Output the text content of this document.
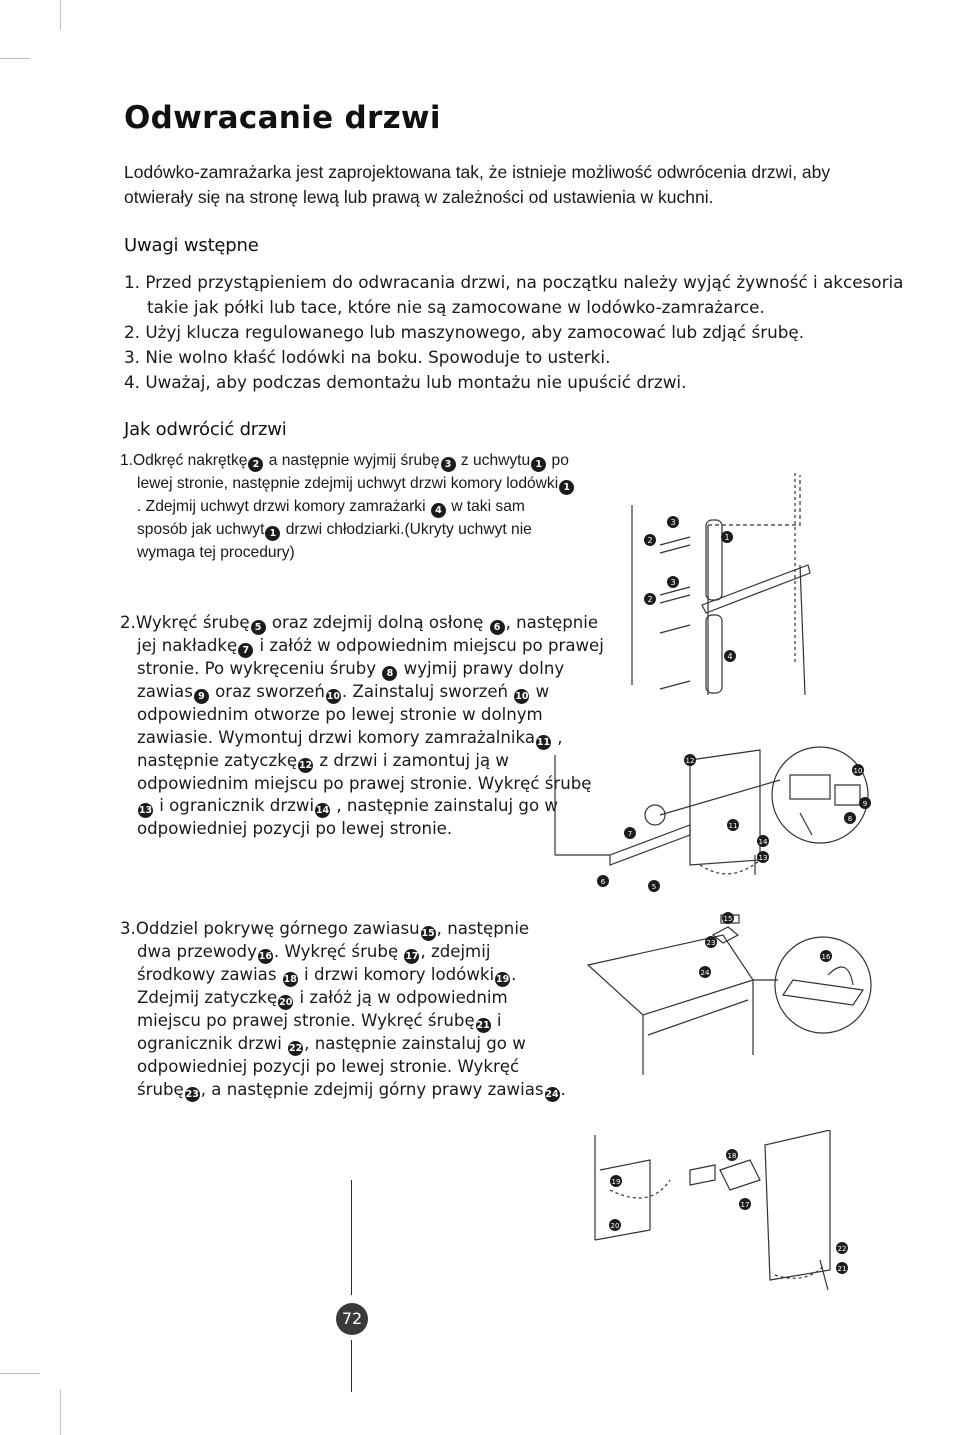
Odwracanie drzwi

Lodówko-zamrażarka jest zaprojektowana tak, że istnieje możliwość odwrócenia drzwi, aby otwierały się na stronę lewą lub prawą w zależności od ustawienia w kuchni.

Uwagi wstępne
1. Przed przystąpieniem do odwracania drzwi, na początku należy wyjąć żywność i akcesoria takie jak półki lub tace, które nie są zamocowane w lodówko-zamrażarce.
2. Użyj klucza regulowanego lub maszynowego, aby zamocować lub zdjąć śrubę.
3. Nie wolno kłaść lodówki na boku. Spowoduje to usterki.
4. Uważaj, aby podczas demontażu lub montażu nie upuścić drzwi.
Jak odwrócić drzwi

1.Odkręć nakrętkę 2 a następnie wyjmij śrubę 3 z uchwytu 1 po lewej stronie, następnie zdejmij uchwyt drzwi komory lodówki 1. Zdejmij uchwyt drzwi komory zamrażarki 4 w taki sam sposób jak uchwyt 1 drzwi chłodziarki.(Ukryty uchwyt nie wymaga tej procedury)

2.Wykręć śrubę 5 oraz zdejmij dolną osłonę 6 , następnie jej nakładkę 7 i załóż w odpowiednim miejscu po prawej stronie. Po wykręceniu śruby 8 wyjmij prawy dolny zawias 9 oraz sworzeń 10 . Zainstaluj sworzeń 10 w odpowiednim otworze po lewej stronie w dolnym zawiasie. Wymontuj drzwi komory zamrażalnika 11 , następnie zatyczkę 12 z drzwi i zamontuj ją w odpowiednim miejscu po prawej stronie. Wykręć śrubę 13 i ogranicznik drzwi 14 , następnie zainstaluj go w odpowiedniej pozycji po lewej stronie.

3.Oddziel pokrywę górnego zawiasu 15 , następnie dwa przewody 16 . Wykręć śrubę 17 , zdejmij środkowy zawias 18 i drzwi komory lodówki 19 . Zdejmij zatyczkę 20 i załóż ją w odpowiednim miejscu po prawej stronie. Wykręć śrubę 21 i ogranicznik drzwi 22 , następnie zainstaluj go w odpowiedniej pozycji po lewej stronie. Wykręć śrubę 23 , a następnie zdejmij górny prawy zawias 24 .

3
2	1
3
2
4
12
7
6
5
11
14
13
10
9
8
15
23
24
16
19
20
18
17
22
21
72
